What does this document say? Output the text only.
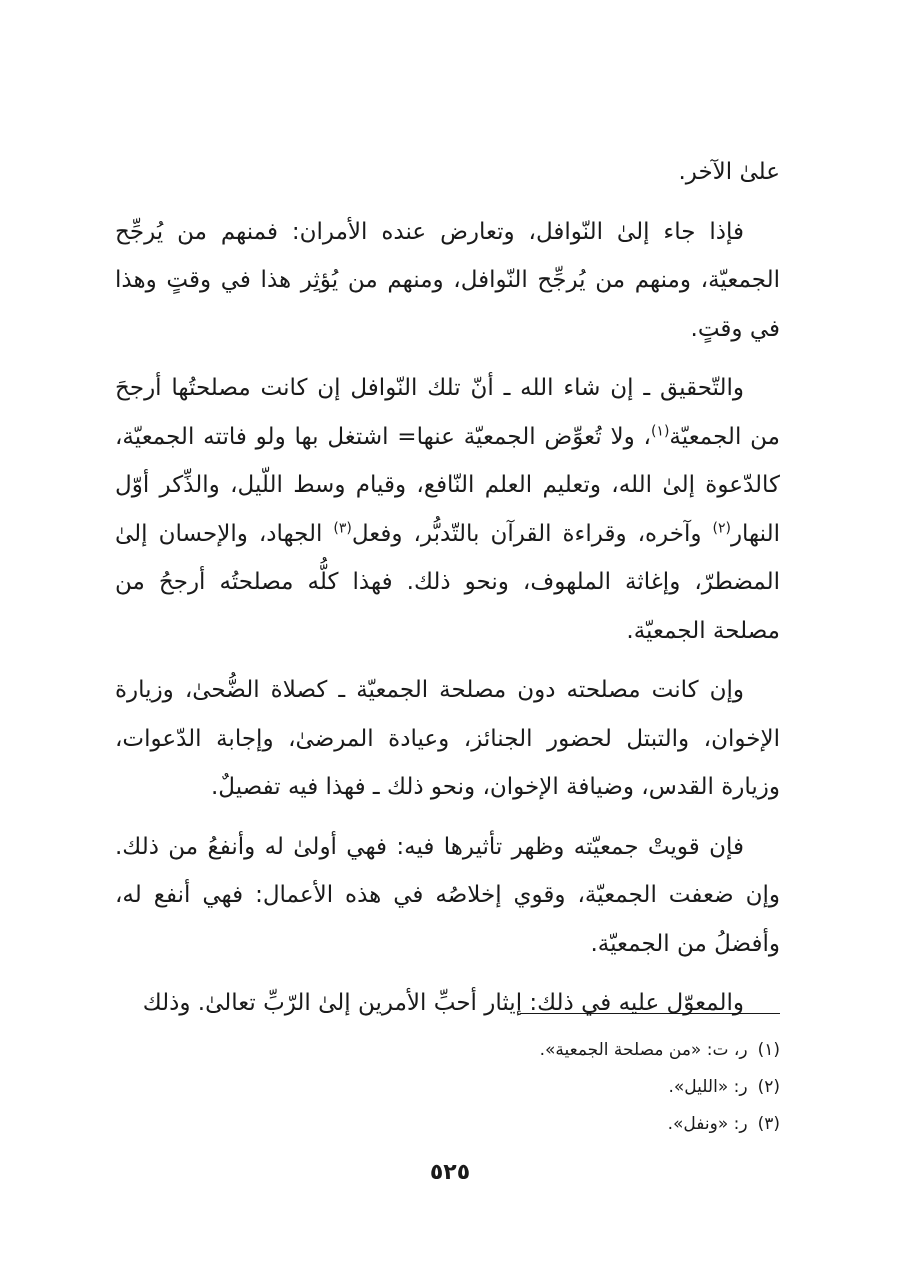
علىٰ الآخر.

فإذا جاء إلىٰ النّوافل، وتعارض عنده الأمران: فمنهم من يُرجِّح الجمعيّة، ومنهم من يُرجِّح النّوافل، ومنهم من يُؤثِر هذا في وقتٍ وهذا في وقتٍ.

والتّحقيق ـ إن شاء الله ـ أنّ تلك النّوافل إن كانت مصلحتُها أرجحَ من الجمعيّة$^{(١)}$، ولا تُعوِّض الجمعيّة عنها= اشتغل بها ولو فاتته الجمعيّة، كالدّعوة إلىٰ الله، وتعليم العلم النّافع، وقيام وسط اللّيل، والذِّكر أوّل النهار$^{(٢)}$ وآخره، وقراءة القرآن بالتّدبُّر، وفعل$^{(٣)}$ الجهاد، والإحسان إلىٰ المضطرّ، وإغاثة الملهوف، ونحو ذلك. فهذا كلُّه مصلحتُه أرجحُ من مصلحة الجمعيّة.

وإن كانت مصلحته دون مصلحة الجمعيّة ـ كصلاة الضُّحىٰ، وزيارة الإخوان، والتبتل لحضور الجنائز، وعيادة المرضىٰ، وإجابة الدّعوات، وزيارة القدس، وضيافة الإخوان، ونحو ذلك ـ فهذا فيه تفصيلٌ.

فإن قويتْ جمعيّته وظهر تأثيرها فيه: فهي أولىٰ له وأنفعُ من ذلك. وإن ضعفت الجمعيّة، وقوي إخلاصُه في هذه الأعمال: فهي أنفع له، وأفضلُ من الجمعيّة.

والمعوّل عليه في ذلك: إيثار أحبِّ الأمرين إلىٰ الرّبِّ تعالىٰ. وذلك

(١)
ر، ت: «من مصلحة الجمعية».
(٢)
ر: «الليل».
(٣)
ر: «ونفل».
٥٢٥
